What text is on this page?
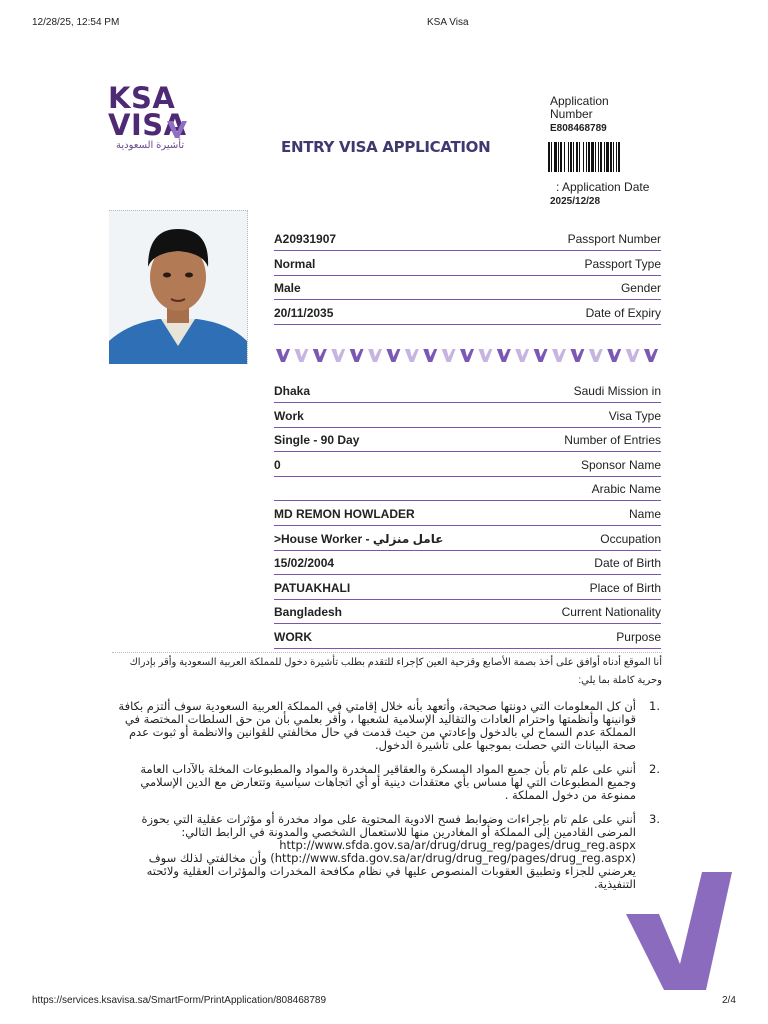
12/28/25, 12:54 PM	KSA Visa
KSA
VISA
تأشيرة السعودية	ENTRY VISA APPLICATION
Application Number
E808468789
: Application Date
2025/12/28
A20931907	Passport Number
Normal	Passport Type
Male	Gender
20/11/2035	Date of Expiry
Dhaka	Saudi Mission in
Work	Visa Type
Single - 90 Day	Number of Entries
0	Sponsor Name
Arabic Name
MD REMON HOWLADER	Name
>House Worker - عامل منزلي	Occupation
15/02/2004	Date of Birth
PATUAKHALI	Place of Birth
Bangladesh	Current Nationality
WORK	Purpose
أنا الموقع أدناه أوافق على أخذ بصمة الأصابع وقزحية العين كإجراء للتقدم بطلب تأشيرة دخول للمملكة العربية السعودية وأقر بإدراك وحرية كاملة بما يلي:
1.
أن كل المعلومات التي دونتها صحيحة، وأتعهد بأنه خلال إقامتي في المملكة العربية السعودية سوف ألتزم بكافة قوانينها وأنظمتها واحترام العادات والتقاليد الإسلامية لشعبها ، وأقر بعلمي بأن من حق السلطات المختصة في المملكة عدم السماح لي بالدخول وإعادتي من حيث قدمت في حال مخالفتي للقوانين والانظمة أو ثبوت عدم صحة البيانات التي حصلت بموجبها على تأشيرة الدخول.
2.
أنني على علم تام بأن جميع المواد المسكرة والعقاقير المخدرة والمواد والمطبوعات المخلة بالآداب العامة وجميع المطبوعات التي لها مساس بأي معتقدات دينية أو أي اتجاهات سياسية وتتعارض مع الدين الإسلامي ممنوعة من دخول المملكة .
3.
أنني على علم تام بإجراءات وضوابط فسح الادوية المحتوية على مواد مخدرة أو مؤثرات عقلية التي بحوزة المرضى القادمين إلى المملكة أو المغادرين منها للاستعمال الشخصي والمدونة في الرابط التالي: http://www.sfda.gov.sa/ar/drug/drug_reg/pages/drug_reg.aspx (http://www.sfda.gov.sa/ar/drug/drug_reg/pages/drug_reg.aspx) وأن مخالفتي لذلك سوف يعرضني للجزاء وتطبيق العقوبات المنصوص عليها في نظام مكافحة المخدرات والمؤثرات العقلية ولائحته التنفيذية.
https://services.ksavisa.sa/SmartForm/PrintApplication/808468789	2/4
